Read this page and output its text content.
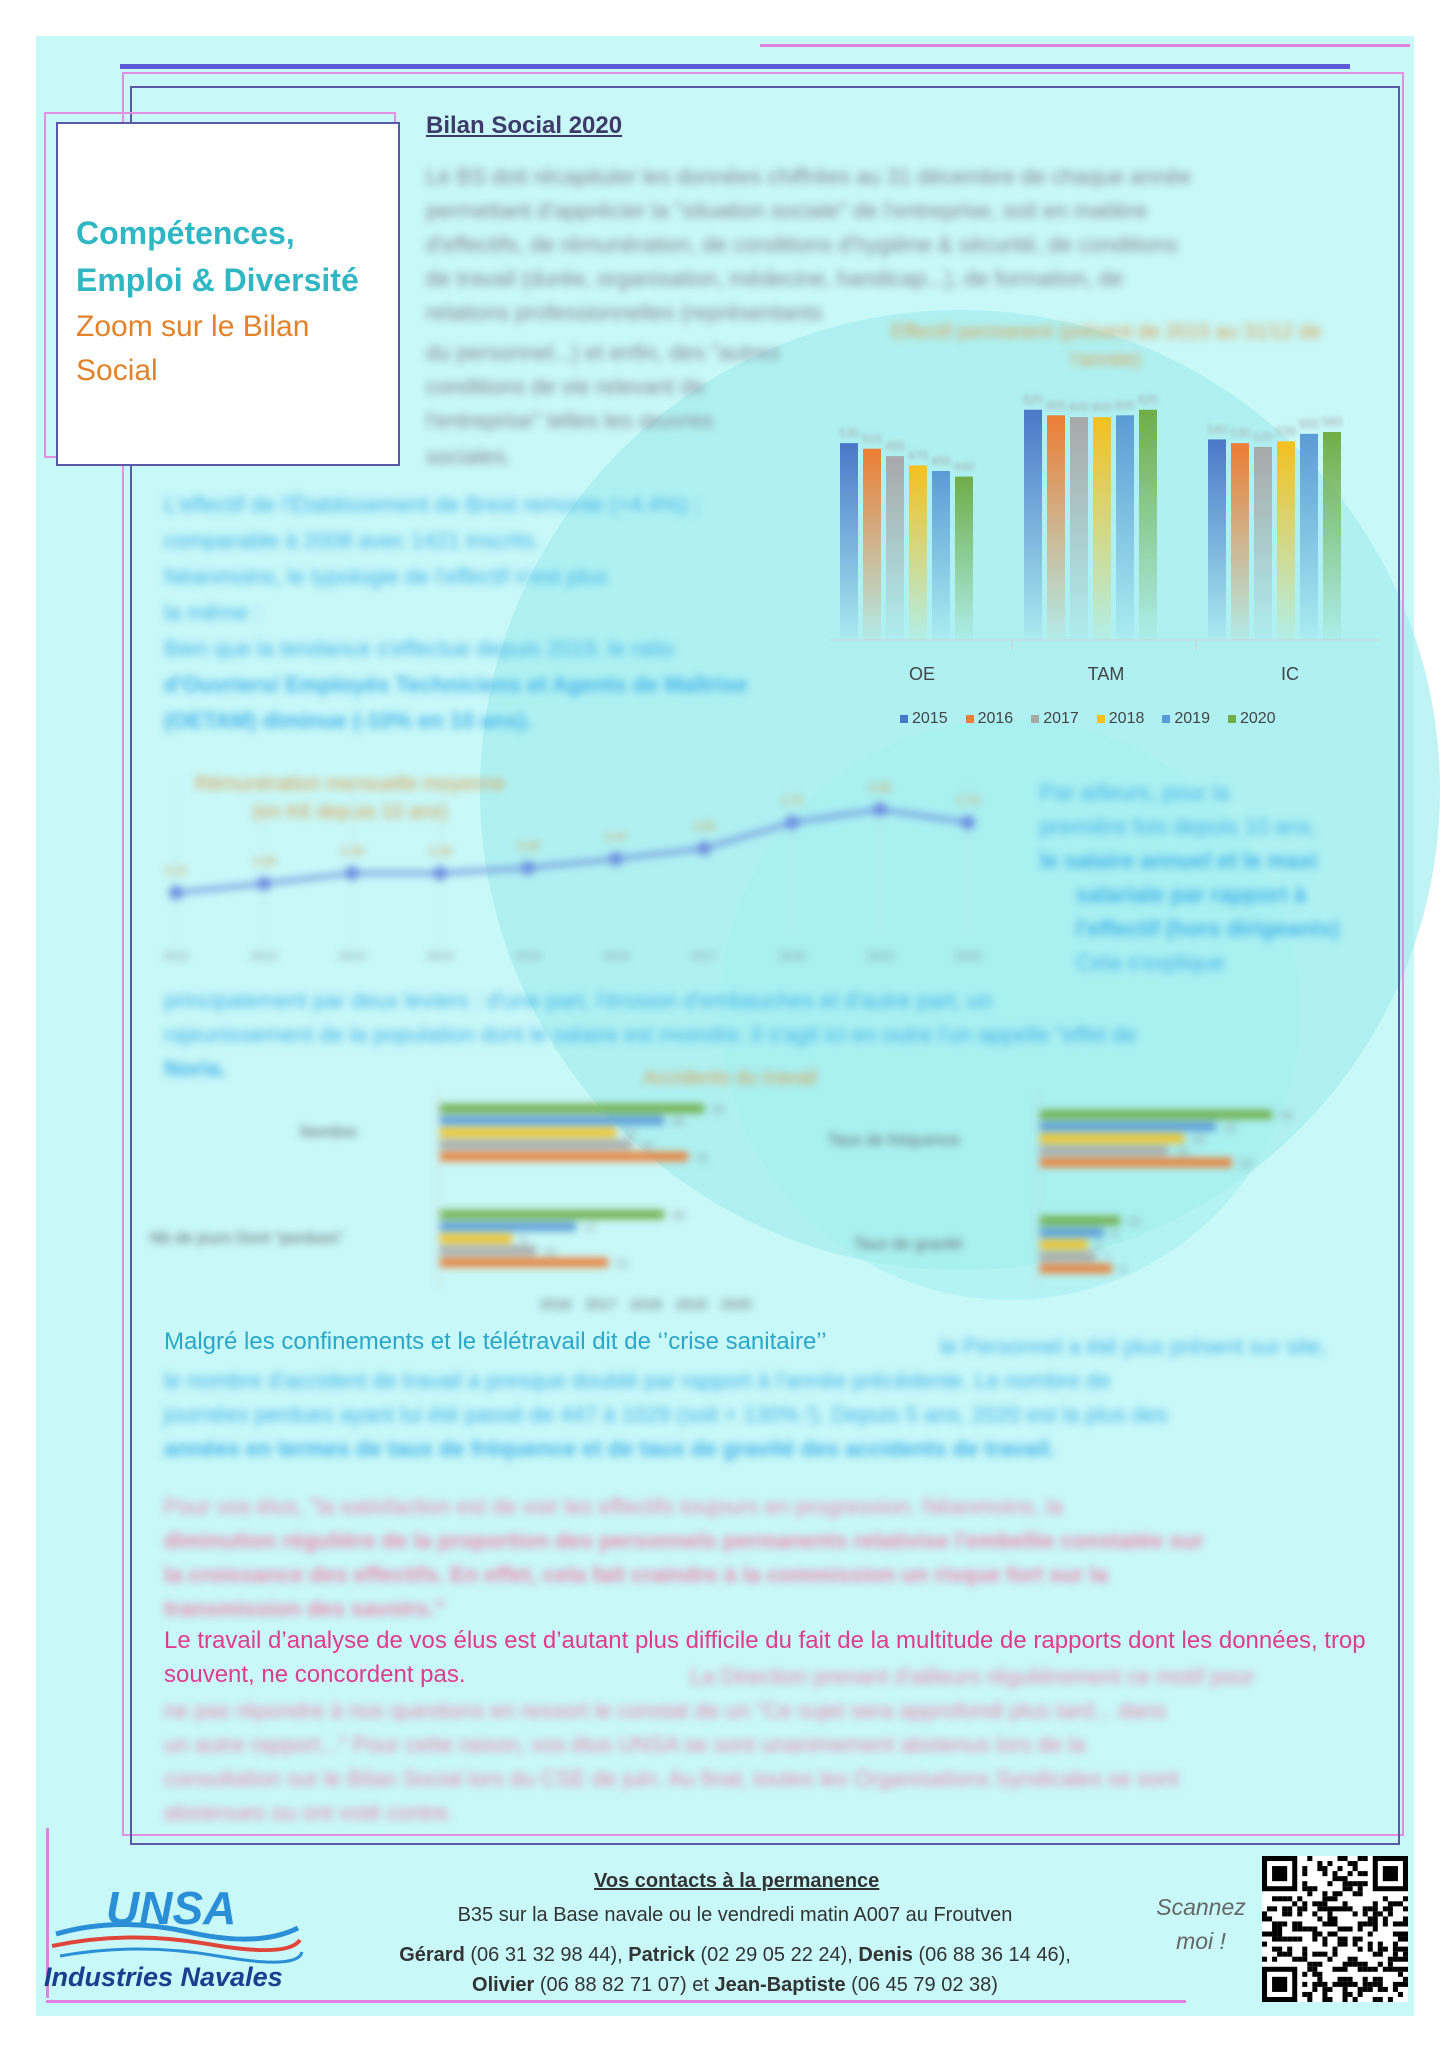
Compétences,
Emploi & Diversité
Zoom sur le Bilan
Social
Bilan Social 2020

Le BS doit récapituler les données chiffrées au 31 décembre de chaque année

permettant d'apprécier la "situation sociale" de l'entreprise, soit en matière

d'effectifs, de rémunération, de conditions d'hygiène & sécurité, de conditions

de travail (durée, organisation, médecine, handicap...), de formation, de

relations professionnelles (représentants

du personnel...) et enfin, des "autres

conditions de vie relevant de

l'entreprise" telles les œuvres

sociales.

L'effectif de l'Établissement de Brest remonte (+4.4%) ;

comparable à 2008 avec 1421 inscrits.

Néanmoins, le typologie de l'effectif n'est plus

la même :

Bien que la tendance s'effectue depuis 2019, le ratio

d'Ouvriers/ Employés Techniciens et Agents de Maîtrise

(OETAM) diminue (-10% en 10 ans).

Effectif permanent (présent de 2015 au 31/12 de l'année)
530 515
495
470 455 440
620 605 600 600 605 620
540 530 520 535
555 560
OE	TAM	IC
2015	2016	2017	2018	2019	2020
Rémunération mensuelle moyenne
(en K€ depuis 10 ans)
2011	2012	2013	2014	2015	2016	2017	2018	2019	2020
3.21
3.28
3.36	3.36	3.40
3.47
3.55
3.75
3.85
3.75	Par ailleurs, pour la

première fois depuis 10 ans,

le salaire annuel et le maxi

salariale par rapport à

l'effectif (hors dirigeants)

Cela s'explique

principalement par deux leviers : d'une part, l'érosion d'embauches et d'autre part, un

rajeunissement de la population dont le salaire est moindre. Il s'agit ici en outre l'un appelle "effet de

Noria.	Accidents du travail
33
28
22
24
31
28
17
9
12
21
29
22
18
16
24
10
8
6
7
9
Nombre
Nb de jours Dont "perdues"
Taux de fréquence
Taux de gravité
2016 2017 2018 2019 2020
Malgré les confinements et le télétravail dit de ‘’crise sanitaire’’	le Personnel a été plus présent sur site,

le nombre d'accident de travail a presque doublé par rapport à l'année précédente. Le nombre de

journées perdues ayant lui été passé de 447 à 1029 (soit + 130% !). Depuis 5 ans, 2020 est la plus des

années en termes de taux de fréquence et de taux de gravité des accidents de travail.

Pour vos élus, "la satisfaction est de voir les effectifs toujours en progression. Néanmoins, la

diminution régulière de la proportion des personnels permanents relativise l'embellie constatée sur

la croissance des effectifs. En effet, cela fait craindre à la commission un risque fort sur la

transmission des savoirs."

Le travail d’analyse de vos élus est d’autant plus difficile du fait de la multitude de rapports dont les données, trop souvent, ne concordent pas.	La Direction prenant d'ailleurs régulièrement ce motif pour

ne pas répondre à nos questions en ressort le constat de un "Ce sujet sera approfondi plus tard... dans

un autre rapport..." Pour cette raison, vos élus UNSA se sont unanimement abstenus lors de la

consultation sur le Bilan Social lors du CSE de juin. Au final, toutes les Organisations Syndicales se sont

abstenues ou ont voté contre.

UNSA
Industries Navales
Vos contacts à la permanence
B35 sur la Base navale ou le vendredi matin A007 au Froutven
Gérard (06 31 32 98 44), Patrick (02 29 05 22 24), Denis (06 88 36 14 46),
Olivier (06 88 82 71 07) et Jean-Baptiste (06 45 79 02 38)
Scannez
moi !
